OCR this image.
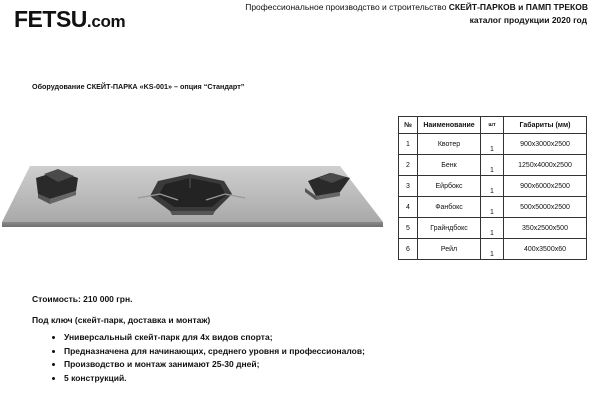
FETSU.com
Профессиональное производство и строительство СКЕЙТ-ПАРКОВ и ПАМП ТРЕКОВ
каталог продукции 2020 год
Оборудование СКЕЙТ-ПАРКА «KS-001» – опция “Стандарт”
№	Наименование	шт	Габариты (мм)
1	Квотер	1	900x3000x2500
2	Бенк	1	1250x4000x2500
3	Ейрбокс	1	900x6000x2500
4	Фанбокс	1	500x5000x2500
5	Грайндбокс	1	350x2500x500
6	Рейл	1	400x3500x60
Стоимость: 210 000 грн.
Под ключ (скейт-парк, доставка и монтаж)
• Универсальный скейт-парк для 4х видов спорта;
• Предназначена для начинающих, среднего уровня и профессионалов;
• Производство и монтаж занимают 25-30 дней;
• 5 конструкций.
